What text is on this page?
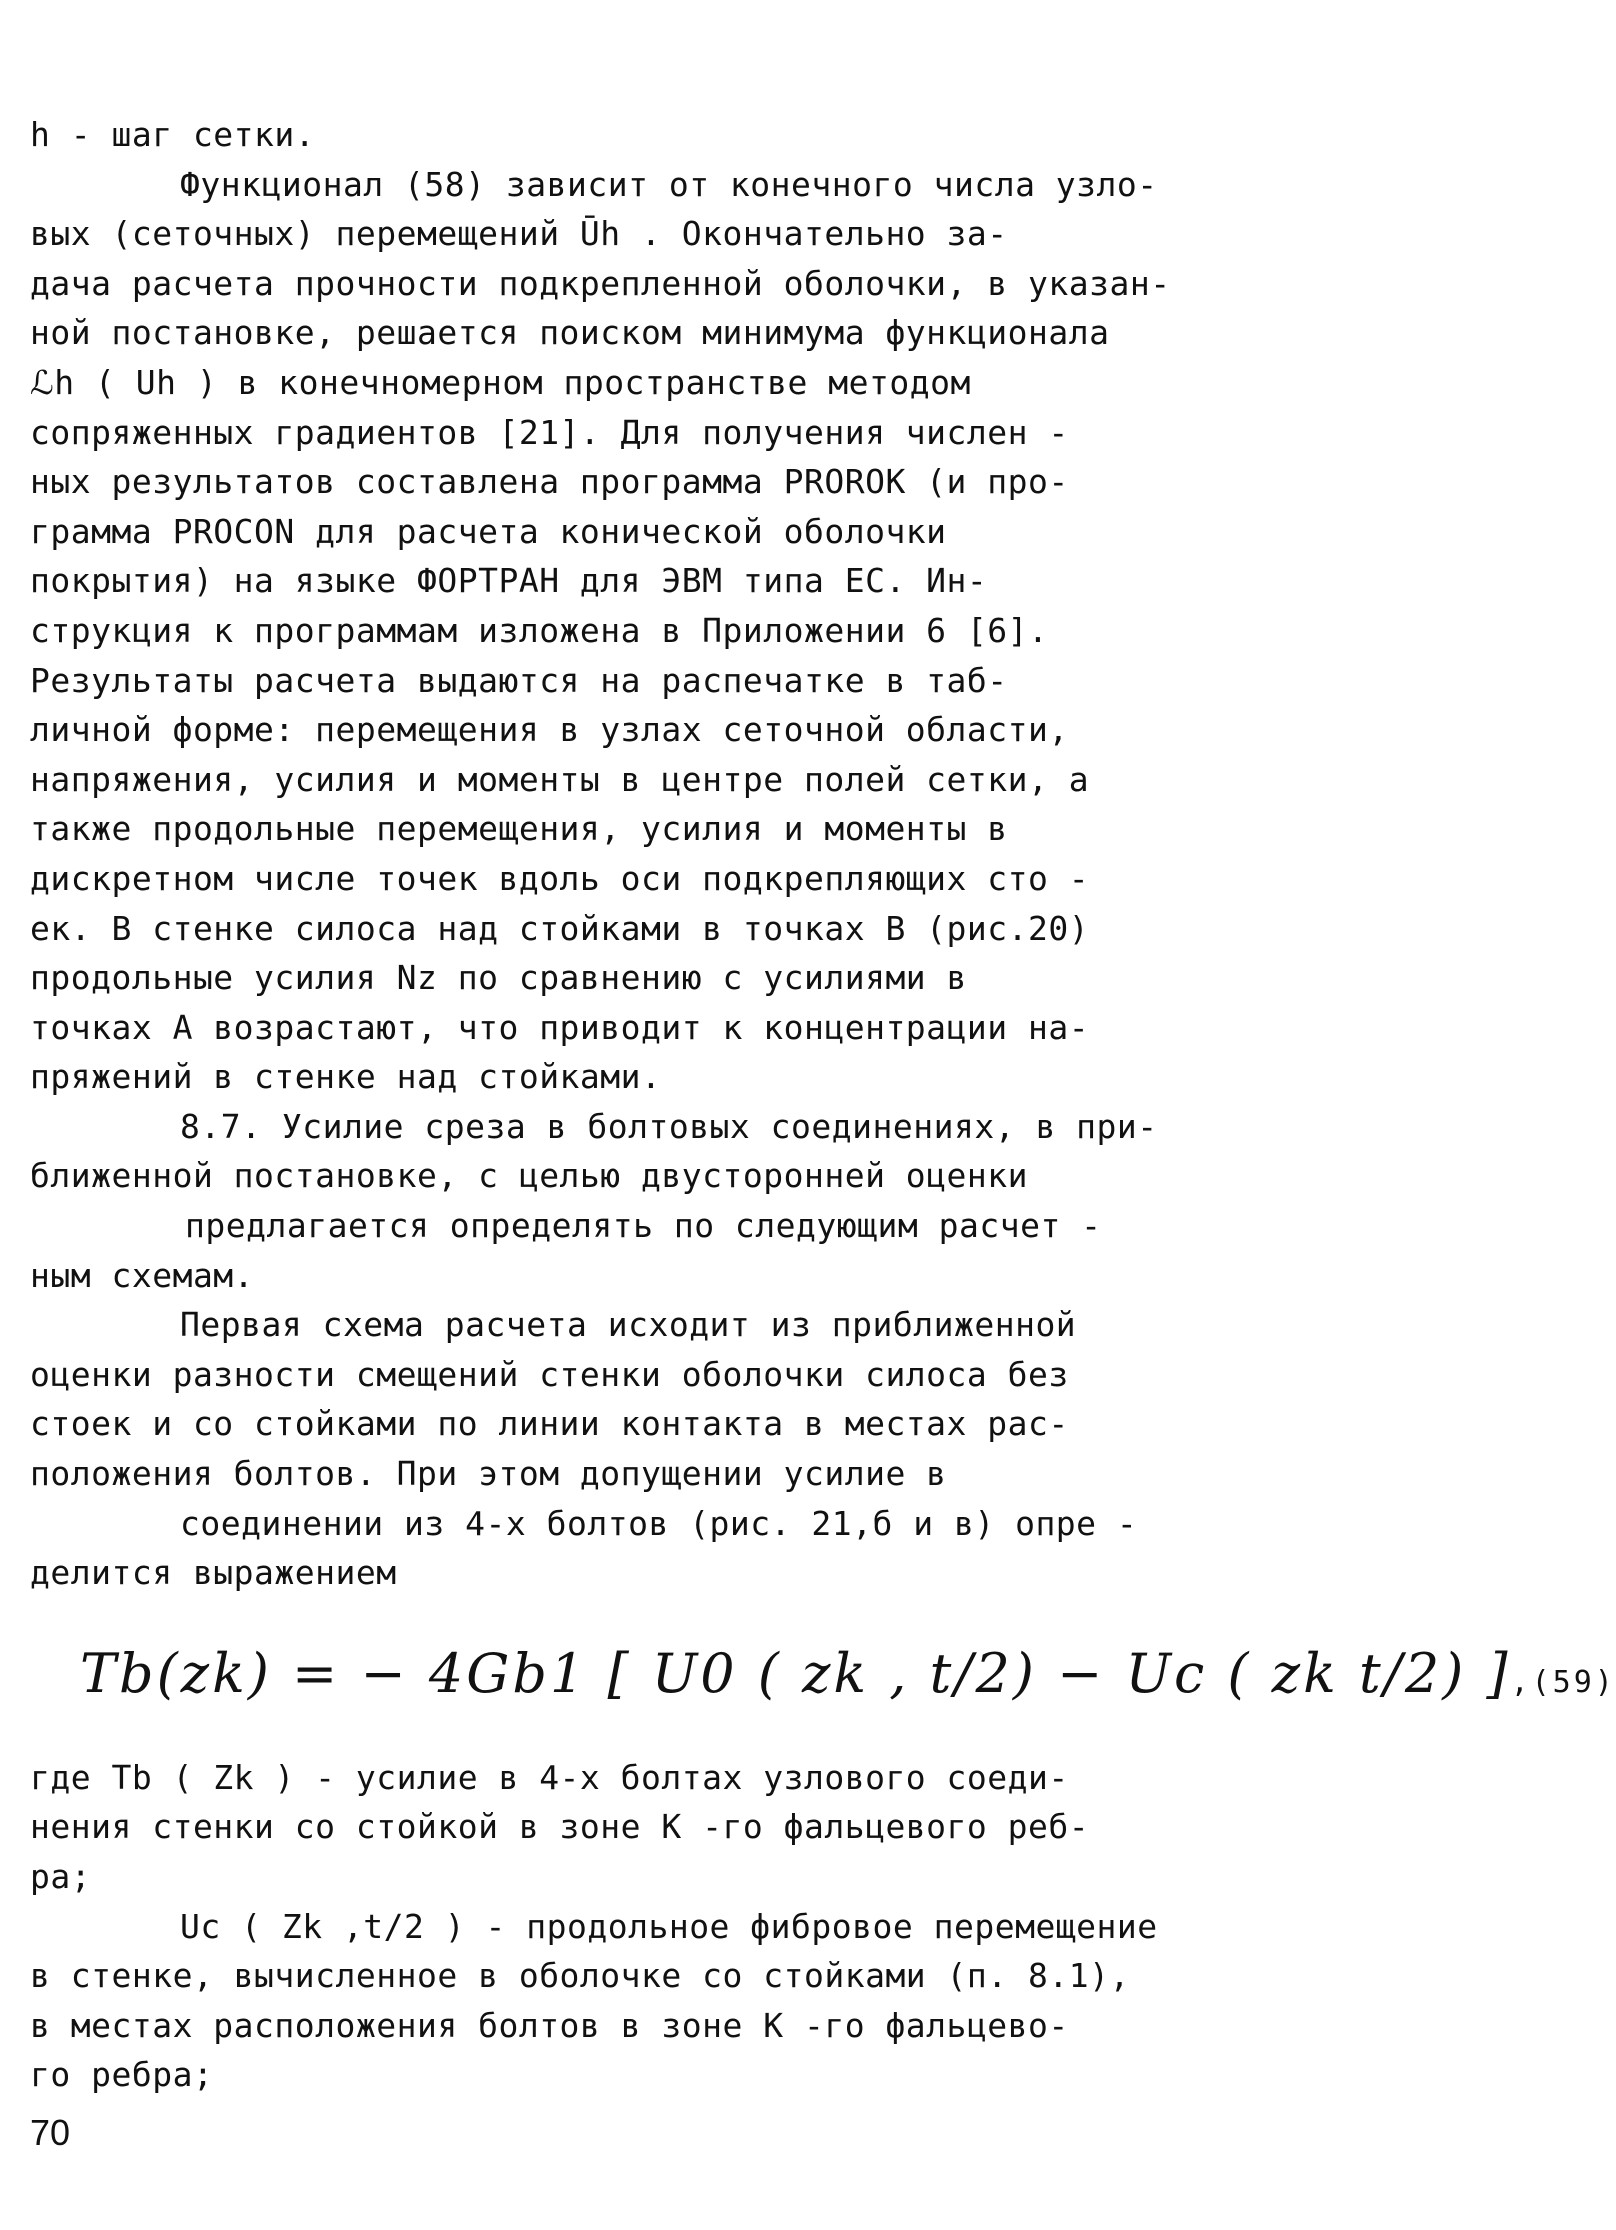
h - шаг сетки.
Функционал (58) зависит от конечного числа узло-
вых (сеточных) перемещений Ūh . Окончательно за-
дача расчета прочности подкрепленной оболочки, в указан-
ной постановке, решается поиском минимума функционала
ℒh ( Uh ) в конечномерном пространстве методом
сопряженных градиентов [21]. Для получения числен -
ных результатов составлена программа PROROK (и про-
грамма PROCON для расчета конической оболочки
покрытия) на языке ФОРТРАН для ЭВМ типа ЕС. Ин-
струкция к программам изложена в Приложении 6 [6].
Результаты расчета выдаются на распечатке в таб-
личной форме: перемещения в узлах сеточной области,
напряжения, усилия и моменты в центре полей сетки, а
также продольные перемещения, усилия и моменты в
дискретном числе точек вдоль оси подкрепляющих сто -
ек. В стенке силоса над стойками в точках В (рис.20)
продольные усилия Nz по сравнению с усилиями в
точках А возрастают, что приводит к концентрации на-
пряжений в стенке над стойками.
8.7. Усилие среза в болтовых соединениях, в при-
ближенной постановке, с целью двусторонней оценки
предлагается определять по следующим расчет -
ным схемам.
Первая схема расчета исходит из приближенной
оценки разности смещений стенки оболочки силоса без
стоек и со стойками по линии контакта в местах рас-
положения болтов. При этом допущении усилие в
соединении из 4-х болтов (рис. 21,б и в) опре -
делится выражением
Tb(zk) = − 4Gb1 [ U0 ( zk , t/2) − Uc ( zk t/2) ],(59)
где Tb ( Zk ) - усилие в 4-х болтах узлового соеди-
нения стенки со стойкой в зоне K -го фальцевого реб-
ра;
Uc ( Zk ,t/2 ) - продольное фибровое перемещение
в стенке, вычисленное в оболочке со стойками (п. 8.1),
в местах расположения болтов в зоне K -го фальцево-
го ребра;
70
